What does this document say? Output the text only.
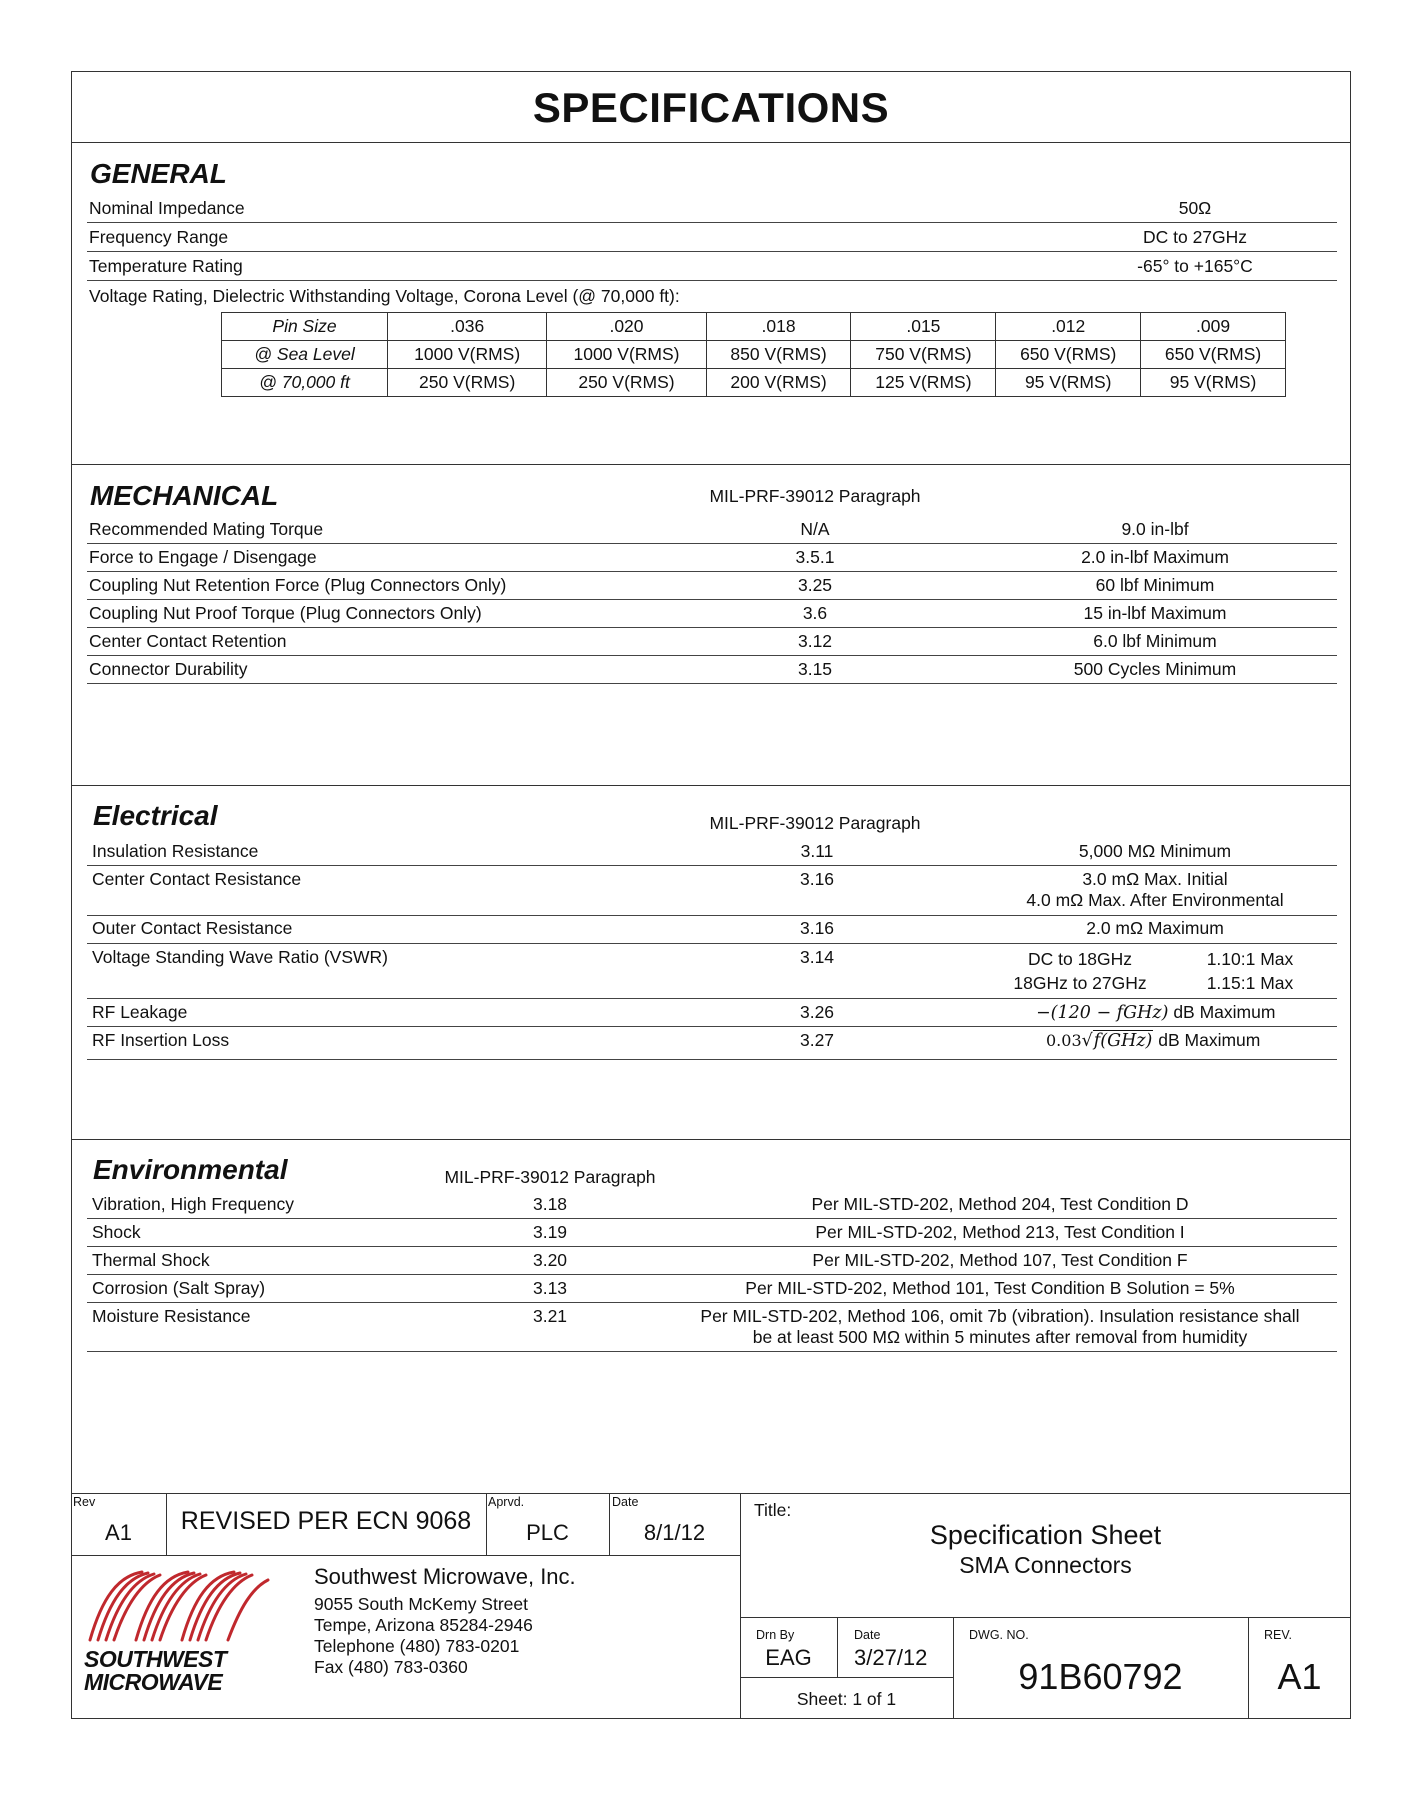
SPECIFICATIONS
GENERAL
Nominal Impedance	50Ω
Frequency Range	DC to 27GHz
Temperature Rating	-65° to +165°C
Voltage Rating, Dielectric Withstanding Voltage, Corona Level (@ 70,000 ft):
Pin Size	.036	.020	.018	.015	.012	.009
@ Sea Level	1000 V(RMS)	1000 V(RMS)	850 V(RMS)	750 V(RMS)	650 V(RMS)	650 V(RMS)
@ 70,000 ft	250 V(RMS)	250 V(RMS)	200 V(RMS)	125 V(RMS)	95 V(RMS)	95 V(RMS)
MECHANICAL	MIL-PRF-39012 Paragraph
Recommended Mating Torque	N/A	9.0 in-lbf
Force to Engage / Disengage	3.5.1	2.0 in-lbf Maximum
Coupling Nut Retention Force (Plug Connectors Only)	3.25	60 lbf Minimum
Coupling Nut Proof Torque (Plug Connectors Only)	3.6	15 in-lbf Maximum
Center Contact Retention	3.12	6.0 lbf Minimum
Connector Durability	3.15	500 Cycles Minimum
Electrical	MIL-PRF-39012 Paragraph
Insulation Resistance	3.11	5,000 MΩ Minimum
Center Contact Resistance	3.16	3.0 mΩ Max. Initial
4.0 mΩ Max. After Environmental
Outer Contact Resistance	3.16	2.0 mΩ Maximum
Voltage Standing Wave Ratio (VSWR)	3.14	DC to 18GHz	1.10:1 Max
18GHz to 27GHz	1.15:1 Max
RF Leakage	3.26	−(120 − fGHz) dB Maximum
RF Insertion Loss	3.27	0.03√f(GHz) dB Maximum
Environmental	MIL-PRF-39012 Paragraph
Vibration, High Frequency	3.18	Per MIL-STD-202, Method 204, Test Condition D
Shock	3.19	Per MIL-STD-202, Method 213, Test Condition I
Thermal Shock	3.20	Per MIL-STD-202, Method 107, Test Condition F
Corrosion (Salt Spray)	3.13	Per MIL-STD-202, Method 101, Test Condition B Solution = 5%
Moisture Resistance	3.21	Per MIL-STD-202, Method 106, omit 7b (vibration). Insulation resistance shall
be at least 500 MΩ within 5 minutes after removal from humidity
Rev
A1	REVISED PER ECN 9068
Aprvd.
PLC
Date
8/1/12
Title:
Specification Sheet
SMA Connectors
SOUTHWEST
MICROWAVE
Southwest Microwave, Inc.
9055 South McKemy Street
Tempe, Arizona 85284-2946
Telephone (480) 783-0201
Fax (480) 783-0360
Drn By
EAG
Date
3/27/12
Sheet: 1 of 1
DWG. NO.
91B60792
REV.
A1
